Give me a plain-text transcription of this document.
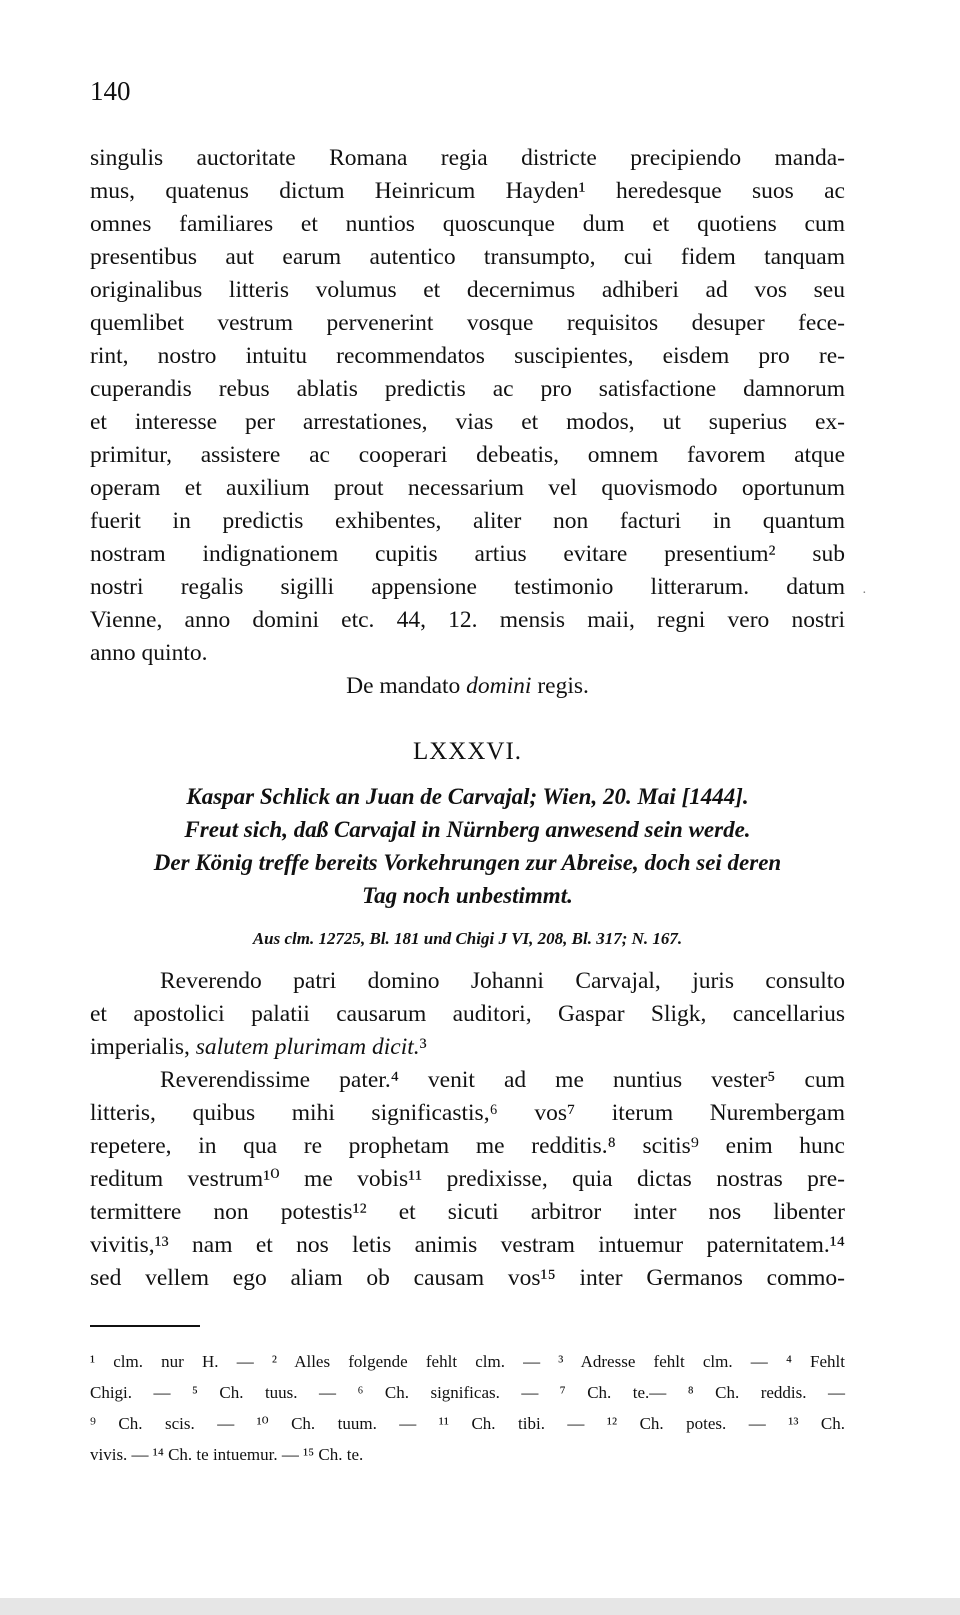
140

singulis auctoritate Romana regia districte precipiendo manda-

mus, quatenus dictum Heinricum Hayden¹ heredesque suos ac

omnes familiares et nuntios quoscunque dum et quotiens cum

presentibus aut earum autentico transumpto, cui fidem tanquam

originalibus litteris volumus et decernimus adhiberi ad vos seu

quemlibet vestrum pervenerint vosque requisitos desuper fece-

rint, nostro intuitu recommendatos suscipientes, eisdem pro re-

cuperandis rebus ablatis predictis ac pro satisfactione damnorum

et interesse per arrestationes, vias et modos, ut superius ex-

primitur, assistere ac cooperari debeatis, omnem favorem atque

operam et auxilium prout necessarium vel quovismodo oportunum

fuerit in predictis exhibentes, aliter non facturi in quantum

nostram indignationem cupitis artius evitare presentium² sub

nostri regalis sigilli appensione testimonio litterarum. datum

Vienne, anno domini etc. 44, 12. mensis maii, regni vero nostri

anno quinto.

De mandato domini regis.

LXXXVI.

Kaspar Schlick an Juan de Carvajal; Wien, 20. Mai [1444].

Freut sich, daß Carvajal in Nürnberg anwesend sein werde.

Der König treffe bereits Vorkehrungen zur Abreise, doch sei deren

Tag noch unbestimmt.

Aus clm. 12725, Bl. 181 und Chigi J VI, 208, Bl. 317; N. 167.

Reverendo patri domino Johanni Carvajal, juris consulto

et apostolici palatii causarum auditori, Gaspar Sligk, cancellarius

imperialis, salutem plurimam dicit.³

Reverendissime pater.⁴ venit ad me nuntius vester⁵ cum

litteris, quibus mihi significastis,⁶ vos⁷ iterum Nurembergam

repetere, in qua re prophetam me redditis.⁸ scitis⁹ enim hunc

reditum vestrum¹⁰ me vobis¹¹ predixisse, quia dictas nostras pre-

termittere non potestis¹² et sicuti arbitror inter nos libenter

vivitis,¹³ nam et nos letis animis vestram intuemur paternitatem.¹⁴

sed vellem ego aliam ob causam vos¹⁵ inter Germanos commo-

¹ clm. nur H. — ² Alles folgende fehlt clm. — ³ Adresse fehlt clm. — ⁴ Fehlt
Chigi. — ⁵ Ch. tuus. — ⁶ Ch. significas. — ⁷ Ch. te.— ⁸ Ch. reddis. —
⁹ Ch. scis. — ¹⁰ Ch. tuum. — ¹¹ Ch. tibi. — ¹² Ch. potes. — ¹³ Ch.
vivis. — ¹⁴ Ch. te intuemur. — ¹⁵ Ch. te.
·
